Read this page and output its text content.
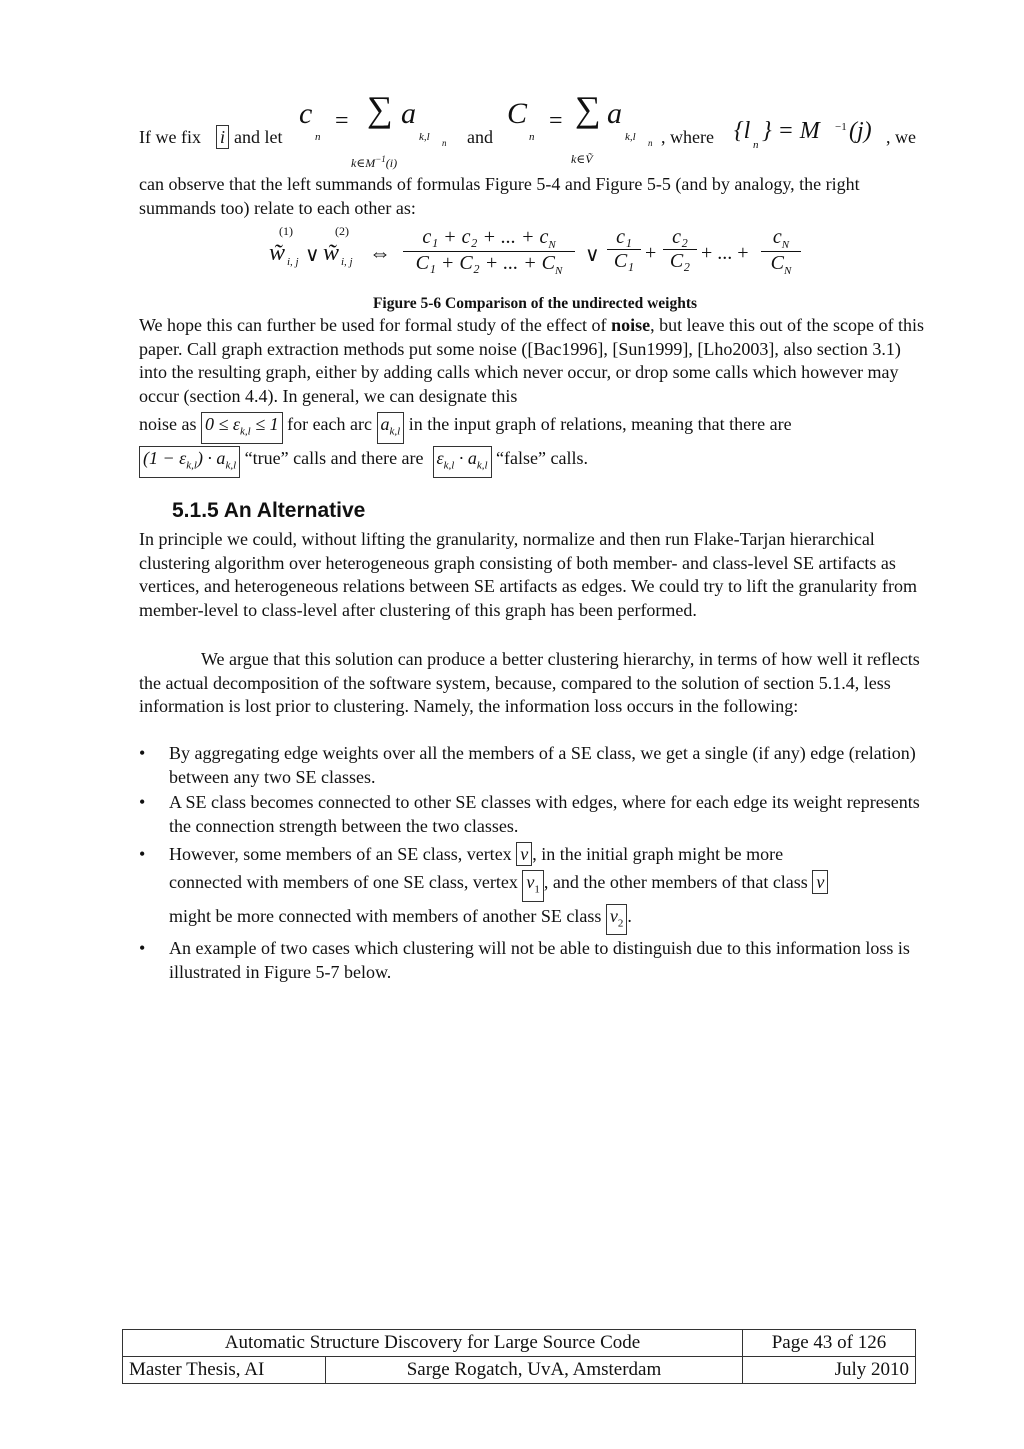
If we fix i and let
c
n
= ∑ a
k,l n
$k\in M^{-1}(i)$
and
C
n
= ∑ a
k,l n
k∈Ṽ
, where {l
n
} = M −1 (j) , we

can observe that the left summands of formulas Figure 5-4 and Figure 5-5 (and by analogy, the right summands too) relate to each other as:

(1)	(2)
w̃ i, j ∨ w̃ i, j ⇔ $\frac{c_1 + c_2 + ... + c_N}{C_1 + C_2 + ... + C_N}$ ∨ $\frac{\text{c₁}}{\text{C₁}} + \frac{\text{c₂}}{\text{C₂}}$ + ... + $\frac{c_N}{C_N}$
Figure 5-6 Comparison of the undirected weights

We hope this can further be used for formal study of the effect of noise, but leave this out of the scope of this paper. Call graph extraction methods put some noise ([Bac1996], [Sun1999], [Lho2003], also section 3.1) into the resulting graph, either by adding calls which never occur, or drop some calls which however may occur (section 4.4). In general, we can designate this

noise as $0 \le \varepsilon_{k,l} \le 1$ for each arc $a_{k,l}$ in the input graph of relations, meaning that there are
$(1 - \varepsilon_{k,l}) \cdot a_{k,l}$ “true” calls and there are $\varepsilon_{k,l} \cdot a_{k,l}$ “false” calls.
5.1.5 An Alternative

In principle we could, without lifting the granularity, normalize and then run Flake-Tarjan hierarchical clustering algorithm over heterogeneous graph consisting of both member- and class-level SE artifacts as vertices, and heterogeneous relations between SE artifacts as edges. We could try to lift the granularity from member-level to class-level after clustering of this graph has been performed.

We argue that this solution can produce a better clustering hierarchy, in terms of how well it reflects the actual decomposition of the software system, because, compared to the solution of section 5.1.4, less information is lost prior to clustering. Namely, the information loss occurs in the following:

• By aggregating edge weights over all the members of a SE class, we get a single (if any) edge (relation) between any two SE classes.
• A SE class becomes connected to other SE classes with edges, where for each edge its weight represents the connection strength between the two classes.
• However, some members of an SE class, vertex v , in the initial graph might be more
connected with members of one SE class, vertex $v_1$ , and the other members of that class v
might be more connected with members of another SE class $v_2$ .
• An example of two cases which clustering will not be able to distinguish due to this information loss is illustrated in Figure 5-7 below.
Automatic Structure Discovery for Large Source Code		Page 43 of 126
Master Thesis, AI	Sarge Rogatch, UvA, Amsterdam	July 2010
